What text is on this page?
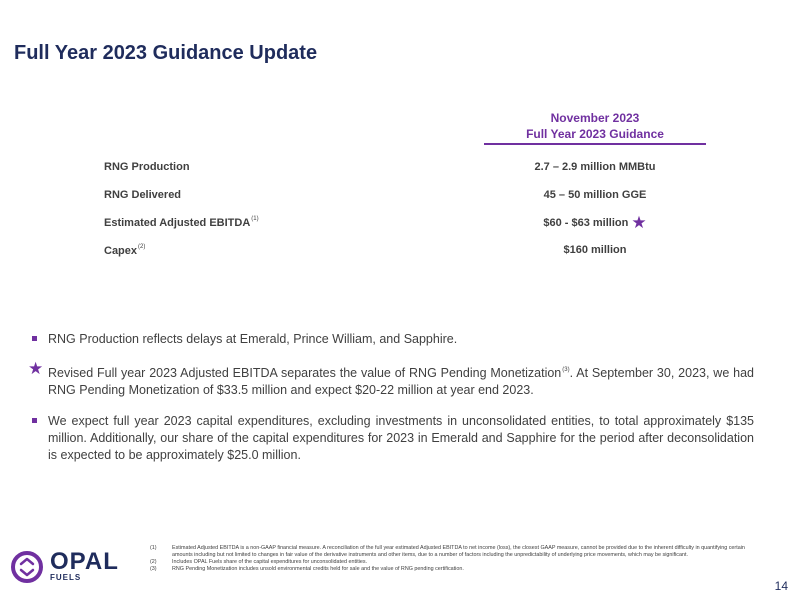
Full Year 2023 Guidance Update
November 2023
Full Year 2023 Guidance
RNG Production	2.7 – 2.9 million MMBtu
RNG Delivered	45 – 50 million GGE
Estimated Adjusted EBITDA$^{(1)}$	$60 - $63 million ★
Capex$^{(2)}$	$160 million
RNG Production reflects delays at Emerald, Prince William, and Sapphire.
★ Revised Full year 2023 Adjusted EBITDA separates the value of RNG Pending Monetization$^{(3)}$. At September 30, 2023, we had RNG Pending Monetization of $33.5 million and expect $20-22 million at year end 2023.
We expect full year 2023 capital expenditures, excluding investments in unconsolidated entities, to total approximately $135 million. Additionally, our share of the capital expenditures for 2023 in Emerald and Sapphire for the period after deconsolidation is expected to be approximately $25.0 million.
OPAL
FUELS
(1)	Estimated Adjusted EBITDA is a non-GAAP financial measure. A reconciliation of the full year estimated Adjusted EBITDA to net income (loss), the closest GAAP measure, cannot be provided due to the inherent difficulty in quantifying certain amounts including but not limited to changes in fair value of the derivative instruments and other items, due to a number of factors including the unpredictability of underlying price movements, which may be significant.
(2)	Includes OPAL Fuels share of the capital expenditures for unconsolidated entities.
(3)	RNG Pending Monetization includes unsold environmental credits held for sale and the value of RNG pending certification.
14
